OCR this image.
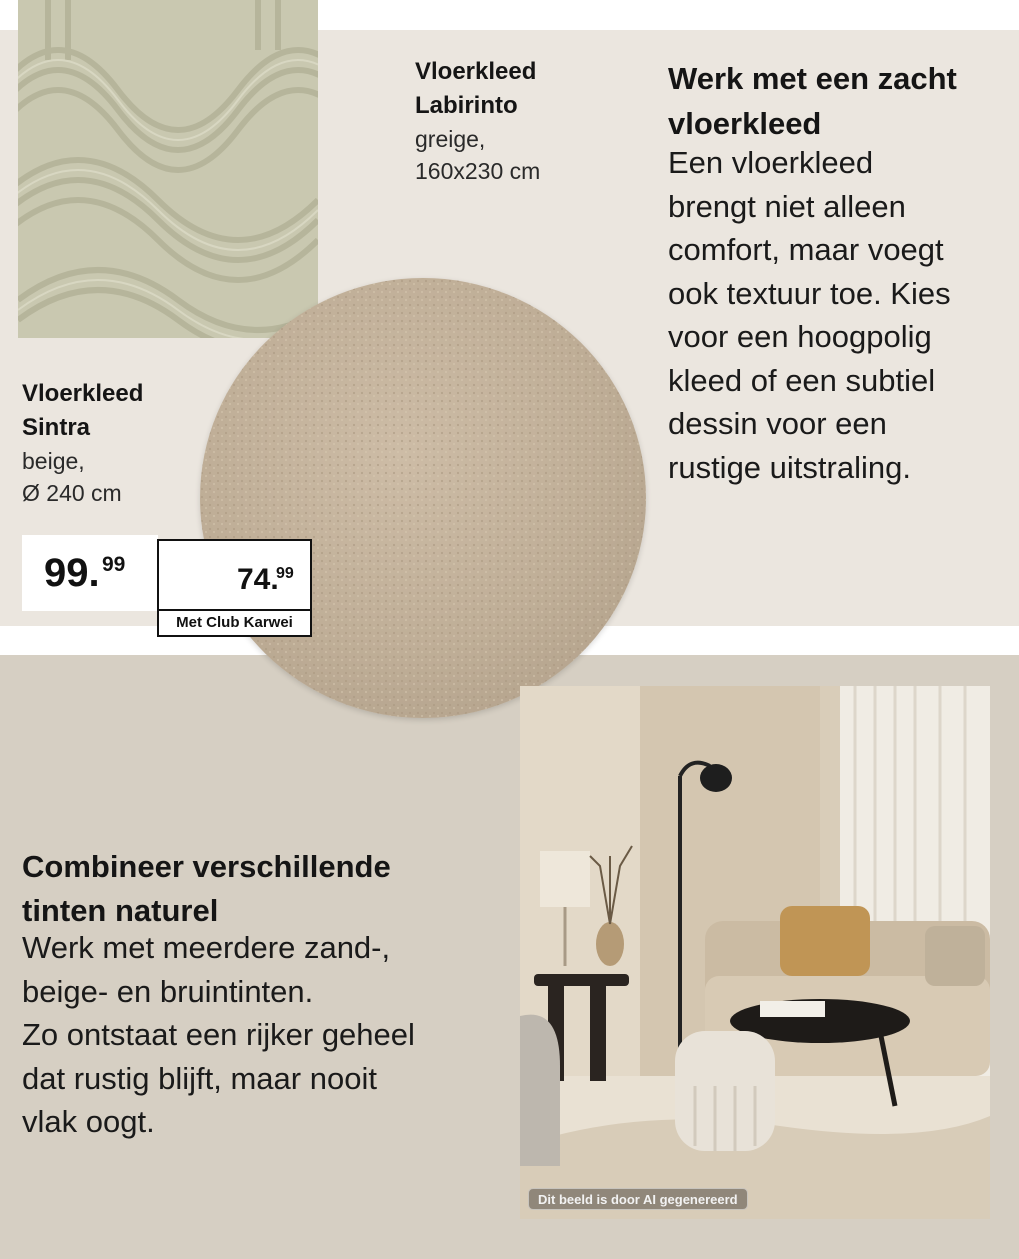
Vloerkleed
Labirinto
greige,
160x230 cm
Vloerkleed
Sintra
beige,
Ø 240 cm
Werk met een zacht
vloerkleed
Een vloerkleed
brengt niet alleen
comfort, maar voegt
ook textuur toe. Kies
voor een hoogpolig
kleed of een subtiel
dessin voor een
rustige uitstraling.
99. 99	74.
99
Met Club Karwei
Combineer verschillende
tinten naturel
Werk met meerdere zand-,
beige- en bruintinten.
Zo ontstaat een rijker geheel
dat rustig blijft, maar nooit
vlak oogt.
Dit beeld is door AI gegenereerd
